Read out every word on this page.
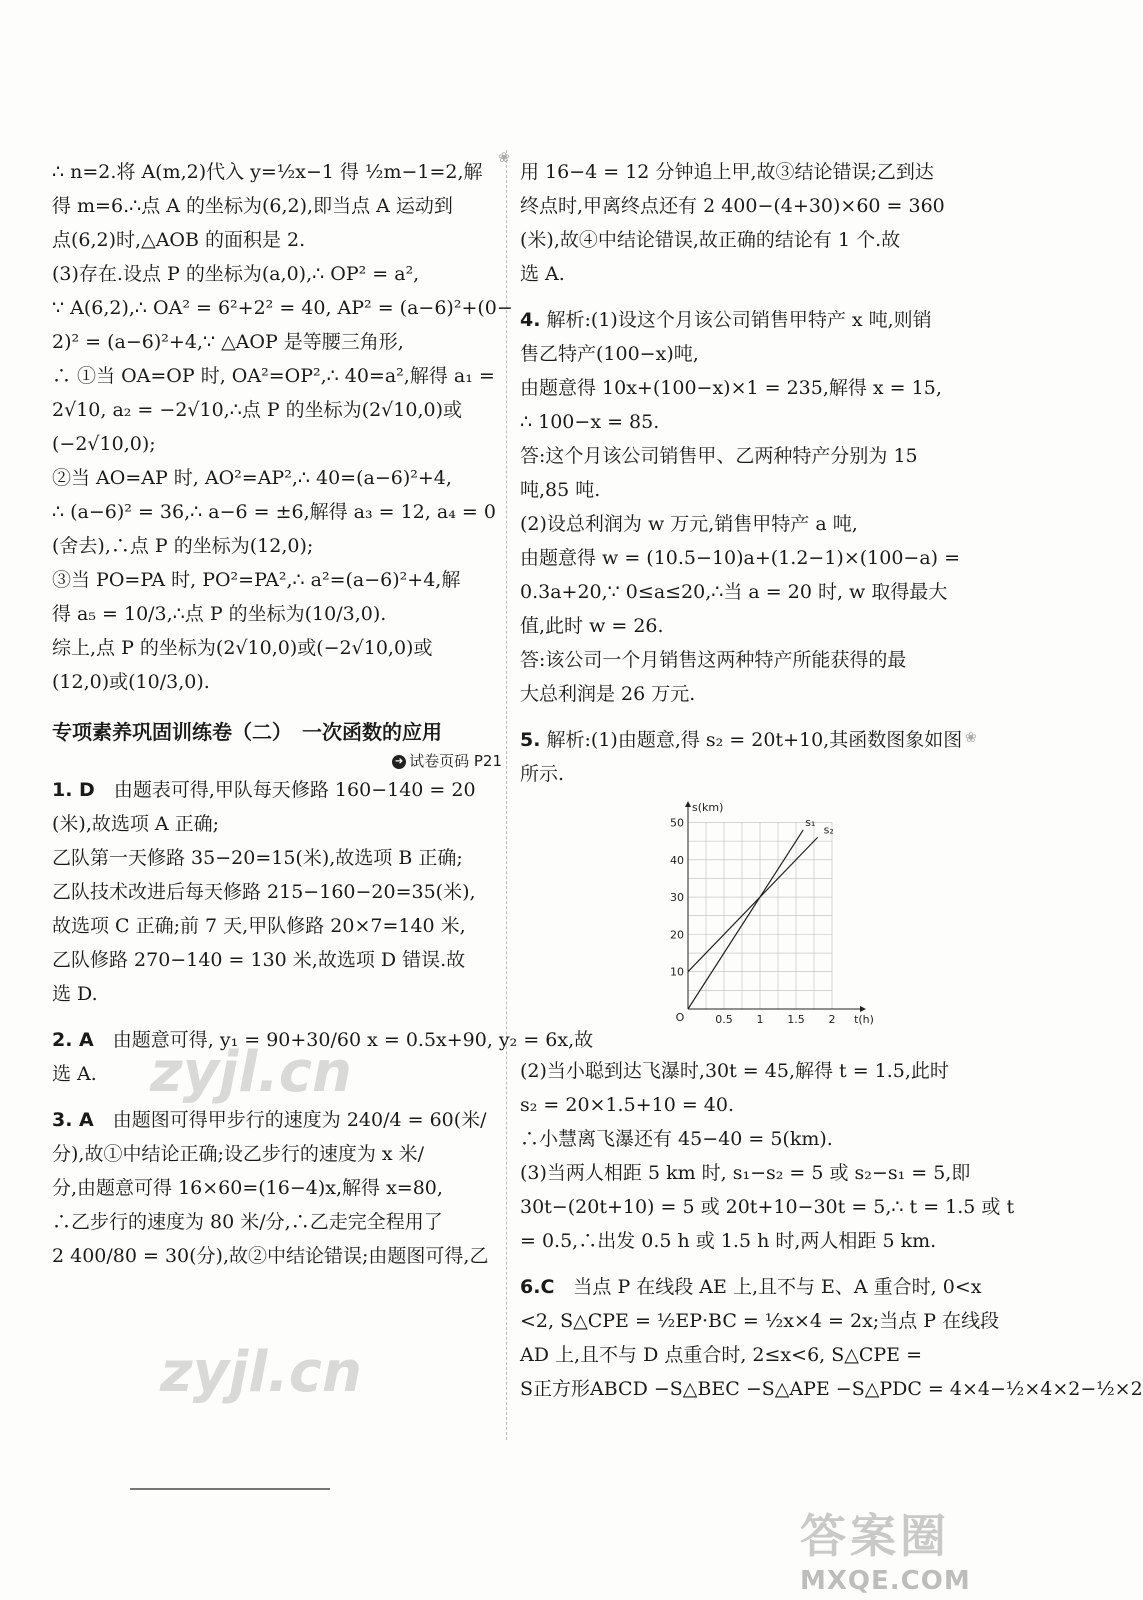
∴ n=2.将 A(m,2)代入 y=½x−1 得 ½m−1=2,解
得 m=6.∴点 A 的坐标为(6,2),即当点 A 运动到
点(6,2)时,△AOB 的面积是 2.
(3)存在.设点 P 的坐标为(a,0),∴ OP² = a²,
∵ A(6,2),∴ OA² = 6²+2² = 40, AP² = (a−6)²+(0−
2)² = (a−6)²+4,∵ △AOP 是等腰三角形,
∴ ①当 OA=OP 时, OA²=OP²,∴ 40=a²,解得 a₁ =
2√10, a₂ = −2√10,∴点 P 的坐标为(2√10,0)或
(−2√10,0);
②当 AO=AP 时, AO²=AP²,∴ 40=(a−6)²+4,
∴ (a−6)² = 36,∴ a−6 = ±6,解得 a₃ = 12, a₄ = 0
(舍去),∴点 P 的坐标为(12,0);
③当 PO=PA 时, PO²=PA²,∴ a²=(a−6)²+4,解
得 a₅ = 10/3,∴点 P 的坐标为(10/3,0).
综上,点 P 的坐标为(2√10,0)或(−2√10,0)或
(12,0)或(10/3,0).
专项素养巩固训练卷（二）　一次函数的应用
➜ 试卷页码 P21
1. D　 由题表可得,甲队每天修路 160−140 = 20
(米),故选项 A 正确;
乙队第一天修路 35−20=15(米),故选项 B 正确;
乙队技术改进后每天修路 215−160−20=35(米),
故选项 C 正确;前 7 天,甲队修路 20×7=140 米,
乙队修路 270−140 = 130 米,故选项 D 错误.故
选 D.
2. A　 由题意可得, y₁ = 90+30/60 x = 0.5x+90, y₂ = 6x,故
选 A.
3. A　 由题图可得甲步行的速度为 240/4 = 60(米/
分),故①中结论正确;设乙步行的速度为 x 米/
分,由题意可得 16×60=(16−4)x,解得 x=80,
∴乙步行的速度为 80 米/分,∴乙走完全程用了
2 400/80 = 30(分),故②中结论错误;由题图可得,乙
用 16−4 = 12 分钟追上甲,故③结论错误;乙到达
终点时,甲离终点还有 2 400−(4+30)×60 = 360
(米),故④中结论错误,故正确的结论有 1 个.故
选 A.
4. 解析:(1)设这个月该公司销售甲特产 x 吨,则销
售乙特产(100−x)吨,
由题意得 10x+(100−x)×1 = 235,解得 x = 15,
∴ 100−x = 85.
答:这个月该公司销售甲、乙两种特产分别为 15
吨,85 吨.
(2)设总利润为 w 万元,销售甲特产 a 吨,
由题意得 w = (10.5−10)a+(1.2−1)×(100−a) =
0.3a+20,∵ 0≤a≤20,∴当 a = 20 时, w 取得最大
值,此时 w = 26.
答:该公司一个月销售这两种特产所能获得的最
大总利润是 26 万元.
5. 解析:(1)由题意,得 s₂ = 20t+10,其函数图象如图
所示.
0.5 1 1.5 2
10
20
30
40
50
O	t(h)
s(km)
s₁
s₂
(2)当小聪到达飞瀑时,30t = 45,解得 t = 1.5,此时
s₂ = 20×1.5+10 = 40.
∴小慧离飞瀑还有 45−40 = 5(km).
(3)当两人相距 5 km 时, s₁−s₂ = 5 或 s₂−s₁ = 5,即
30t−(20t+10) = 5 或 20t+10−30t = 5,∴ t = 1.5 或 t
= 0.5,∴出发 0.5 h 或 1.5 h 时,两人相距 5 km.
6.C　 当点 P 在线段 AE 上,且不与 E、A 重合时, 0<x
<2, S△CPE = ½EP·BC = ½x×4 = 2x;当点 P 在线段
AD 上,且不与 D 点重合时, 2≤x<6, S△CPE =
S正方形ABCD −S△BEC −S△APE −S△PDC = 4×4−½×4×2−½×2
zyjl.cn
zyjl.cn
❀
❀
答案圈
MXQE.COM
